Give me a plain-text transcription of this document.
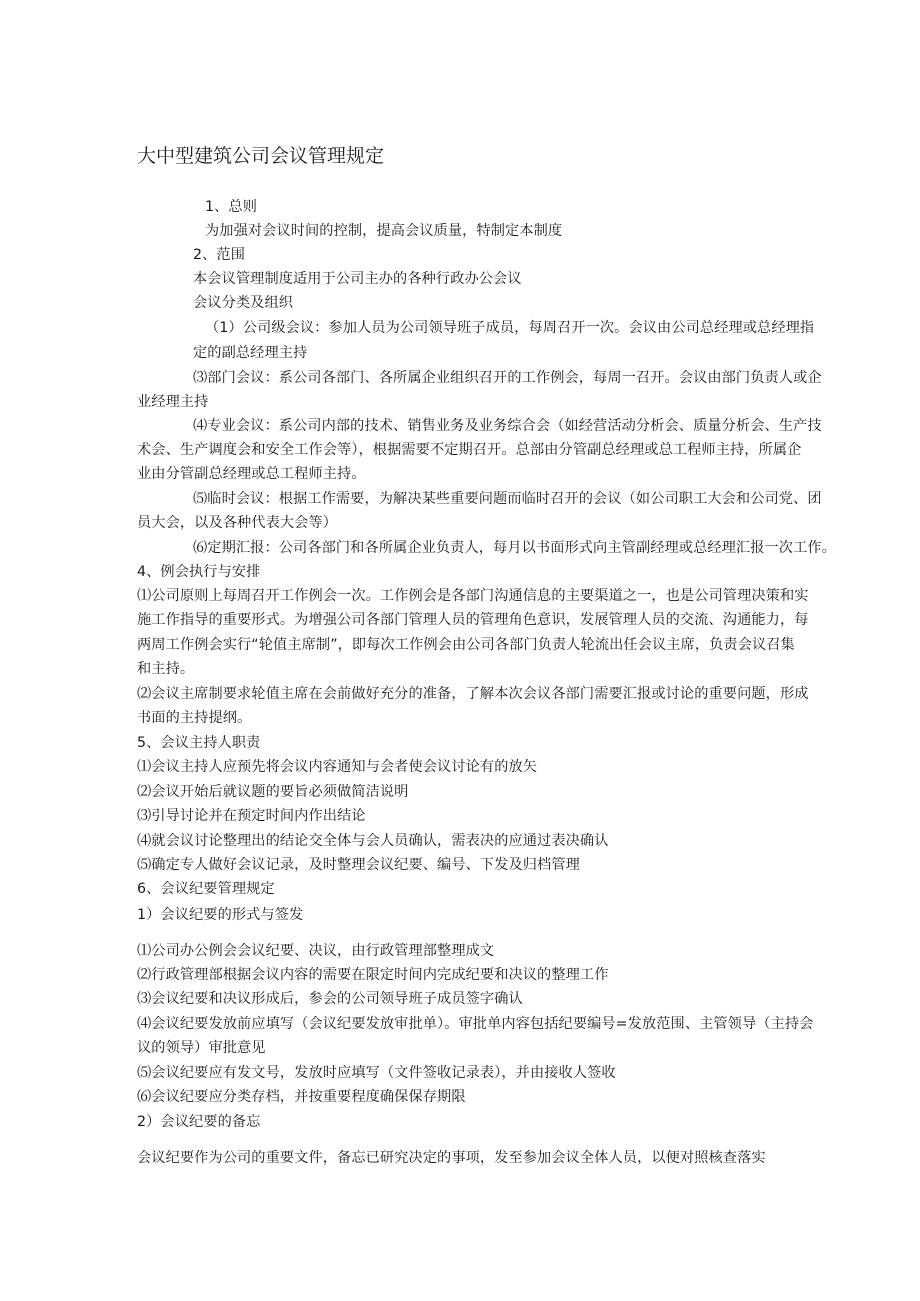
大中型建筑公司会议管理规定
1、总则
为加强对会议时间的控制，提高会议质量，特制定本制度
2、范围
本会议管理制度适用于公司主办的各种行政办公会议
会议分类及组织
（1）公司级会议：参加人员为公司领导班子成员，每周召开一次。会议由公司总经理或总经理指
定的副总经理主持
⑶部门会议：系公司各部门、各所属企业组织召开的工作例会，每周一召开。会议由部门负责人或企
业经理主持
⑷专业会议：系公司内部的技术、销售业务及业务综合会（如经营活动分析会、质量分析会、生产技
术会、生产调度会和安全工作会等），根据需要不定期召开。总部由分管副总经理或总工程师主持，所属企
业由分管副总经理或总工程师主持。
⑸临时会议：根据工作需要，为解决某些重要问题而临时召开的会议（如公司职工大会和公司党、团
员大会，以及各种代表大会等）
⑹定期汇报：公司各部门和各所属企业负责人，每月以书面形式向主管副经理或总经理汇报一次工作。
4、例会执行与安排
⑴公司原则上每周召开工作例会一次。工作例会是各部门沟通信息的主要渠道之一，也是公司管理决策和实
施工作指导的重要形式。为增强公司各部门管理人员的管理角色意识，发展管理人员的交流、沟通能力，每
两周工作例会实行“轮值主席制”，即每次工作例会由公司各部门负责人轮流出任会议主席，负责会议召集
和主持。
⑵会议主席制要求轮值主席在会前做好充分的准备，了解本次会议各部门需要汇报或讨论的重要问题，形成
书面的主持提纲。
5、会议主持人职责
⑴会议主持人应预先将会议内容通知与会者使会议讨论有的放矢
⑵会议开始后就议题的要旨必须做简洁说明
⑶引导讨论并在预定时间内作出结论
⑷就会议讨论整理出的结论交全体与会人员确认，需表决的应通过表决确认
⑸确定专人做好会议记录，及时整理会议纪要、编号、下发及归档管理
6、会议纪要管理规定
1）会议纪要的形式与签发
⑴公司办公例会会议纪要、决议，由行政管理部整理成文
⑵行政管理部根据会议内容的需要在限定时间内完成纪要和决议的整理工作
⑶会议纪要和决议形成后，参会的公司领导班子成员签字确认
⑷会议纪要发放前应填写（会议纪要发放审批单）。审批单内容包括纪要编号=发放范围、主管领导（主持会
议的领导）审批意见
⑸会议纪要应有发文号，发放时应填写（文件签收记录表），并由接收人签收
⑹会议纪要应分类存档，并按重要程度确保保存期限
2）会议纪要的备忘
会议纪要作为公司的重要文件，备忘已研究决定的事项，发至参加会议全体人员，以便对照核查落实
